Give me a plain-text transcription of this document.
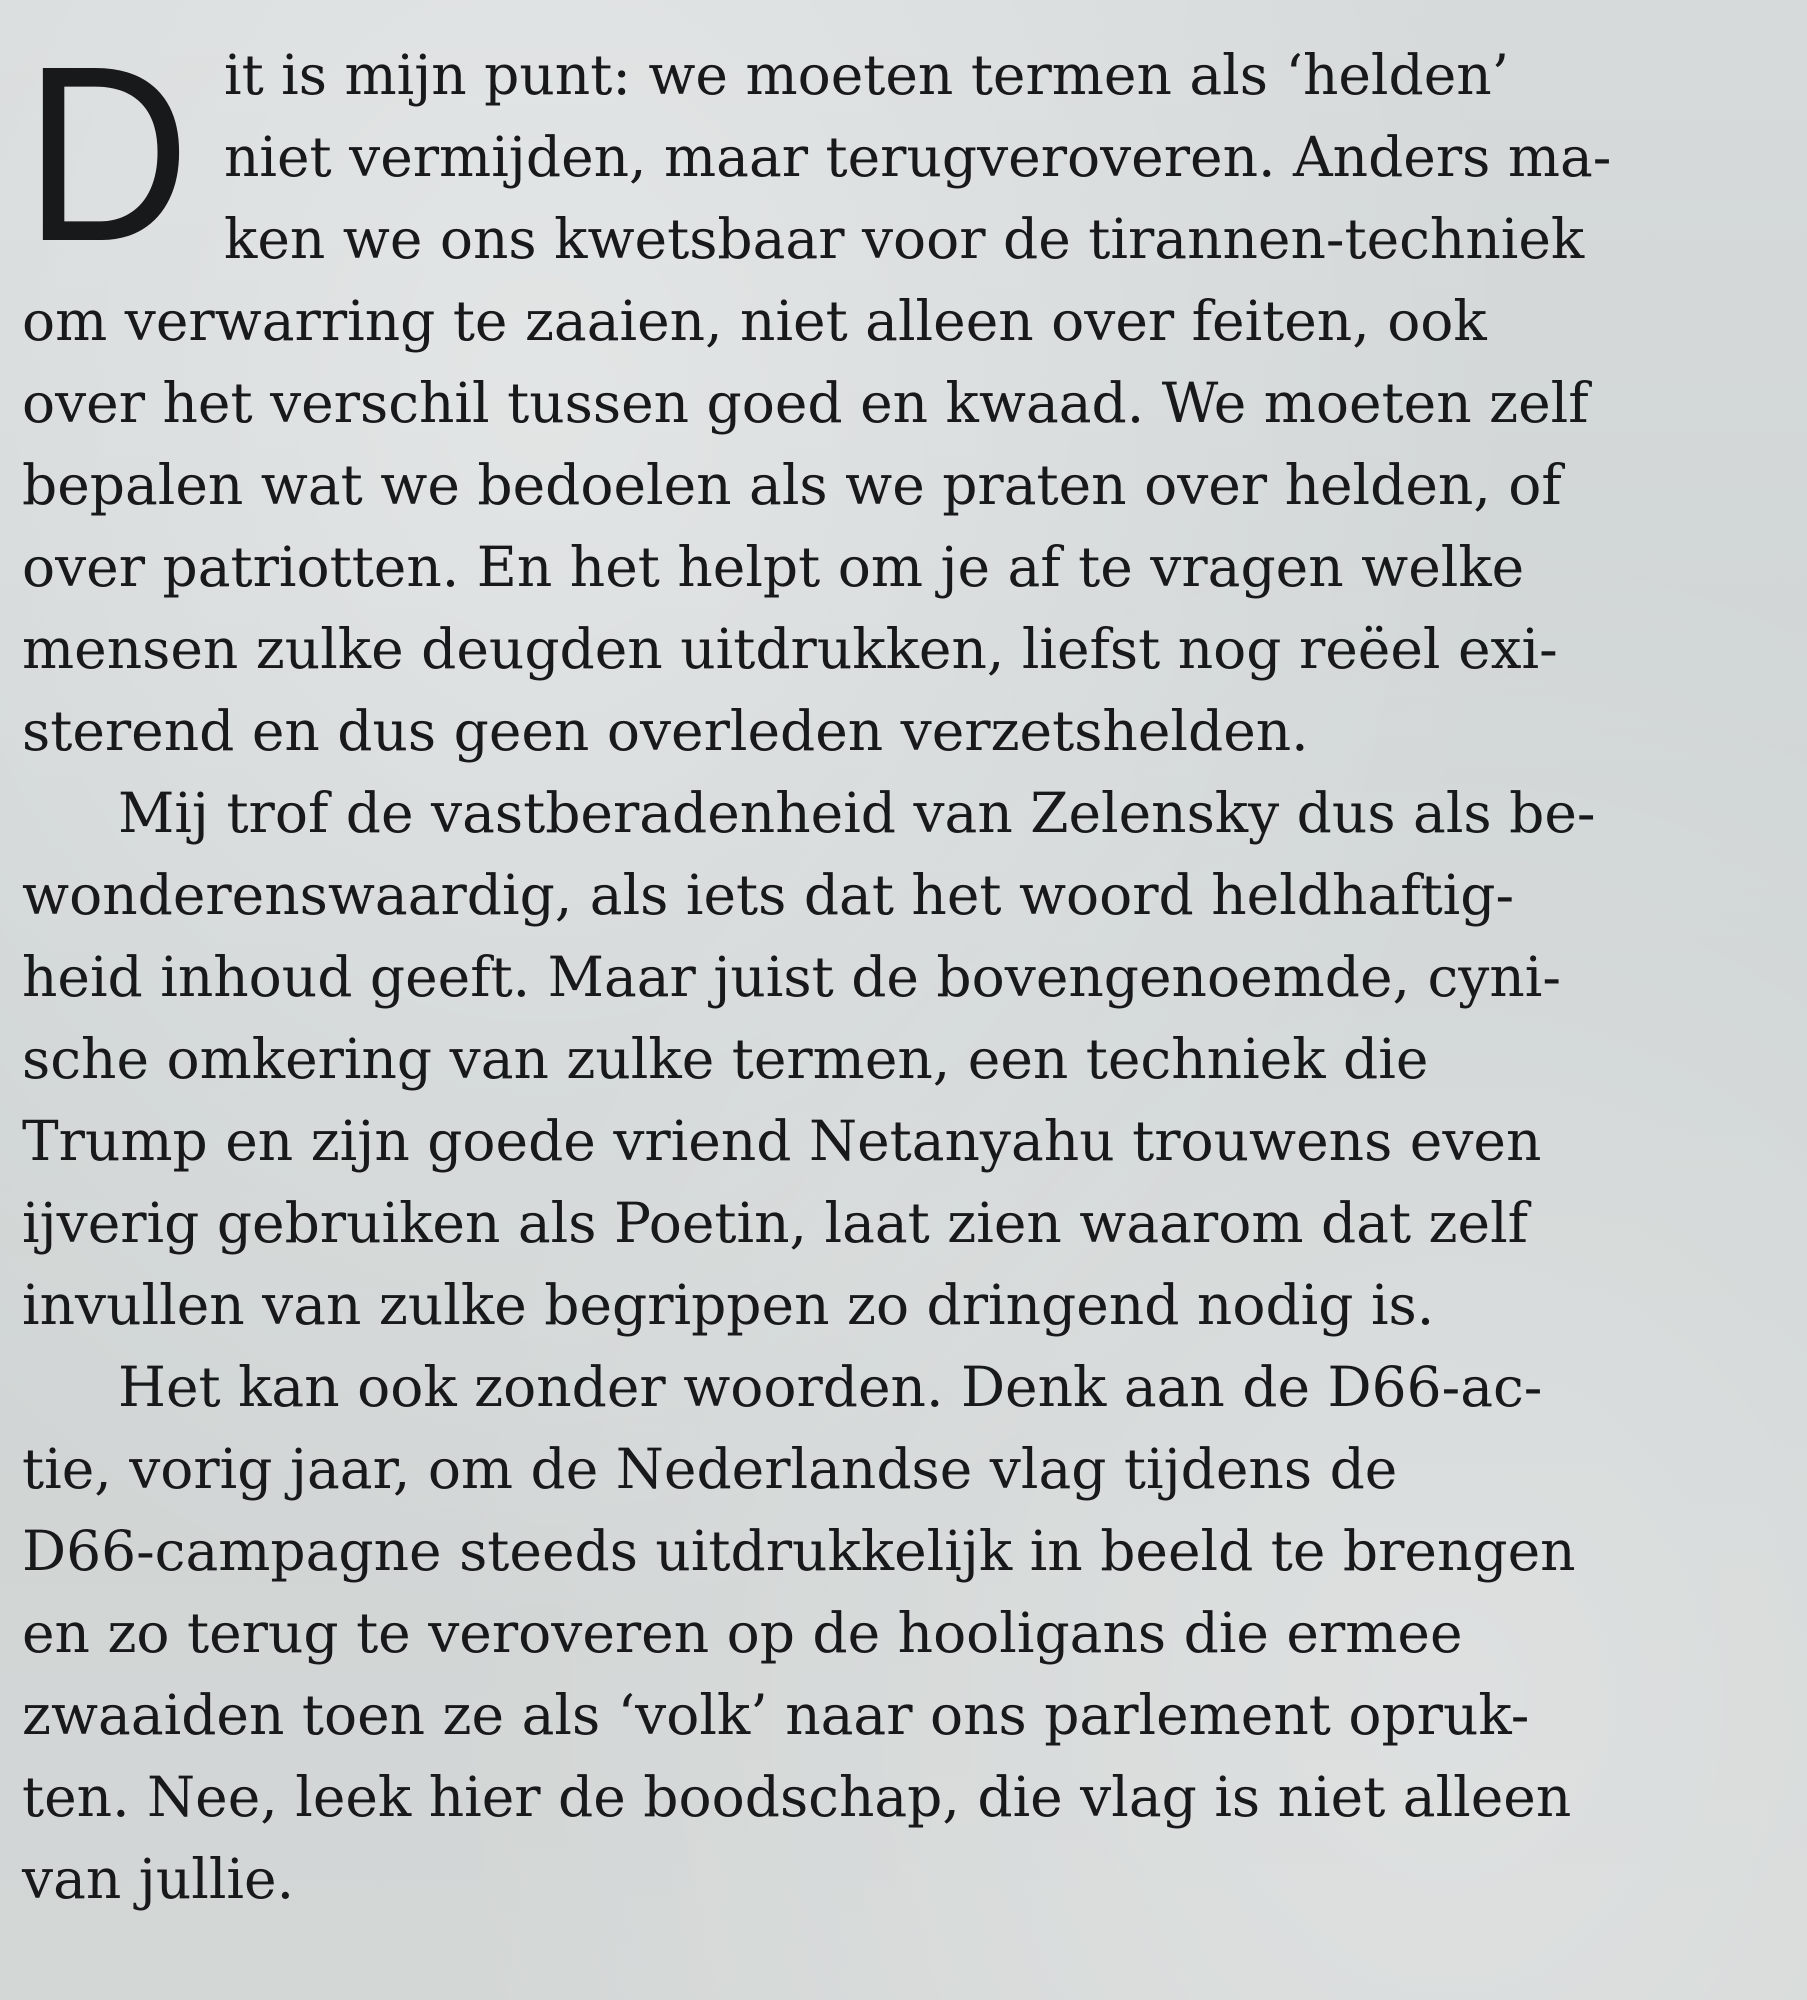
D it is mijn punt: we moeten termen als ‘helden’
niet vermijden, maar terugveroveren. Anders ma-
ken we ons kwetsbaar voor de tirannen-techniek
om verwarring te zaaien, niet alleen over feiten, ook
over het verschil tussen goed en kwaad. We moeten zelf
bepalen wat we bedoelen als we praten over helden, of
over patriotten. En het helpt om je af te vragen welke
mensen zulke deugden uitdrukken, liefst nog reëel exi-
sterend en dus geen overleden verzetshelden.
Mij trof de vastberadenheid van Zelensky dus als be-
wonderenswaardig, als iets dat het woord heldhaftig-
heid inhoud geeft. Maar juist de bovengenoemde, cyni-
sche omkering van zulke termen, een techniek die
Trump en zijn goede vriend Netanyahu trouwens even
ijverig gebruiken als Poetin, laat zien waarom dat zelf
invullen van zulke begrippen zo dringend nodig is.
Het kan ook zonder woorden. Denk aan de D66-ac-
tie, vorig jaar, om de Nederlandse vlag tijdens de
D66-campagne steeds uitdrukkelijk in beeld te brengen
en zo terug te veroveren op de hooligans die ermee
zwaaiden toen ze als ‘volk’ naar ons parlement opruk-
ten. Nee, leek hier de boodschap, die vlag is niet alleen
van jullie.
